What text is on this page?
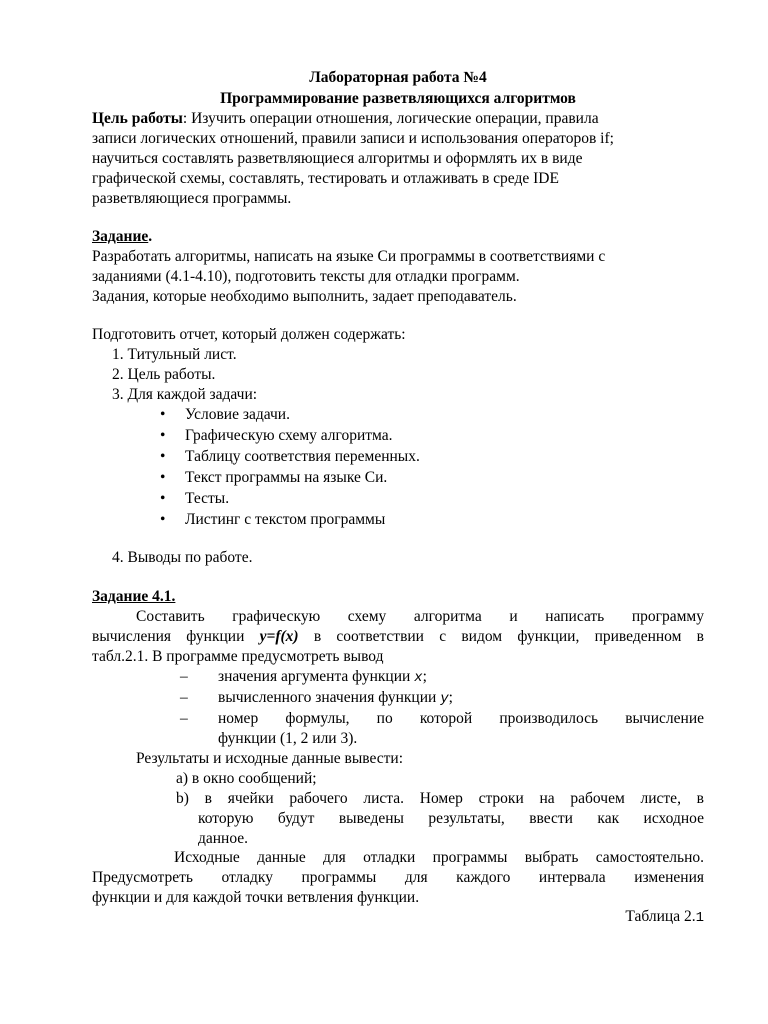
Лабораторная работа №4
Программирование разветвляющихся алгоритмов
Цель работы: Изучить операции отношения, логические операции, правила
записи логических отношений, правили записи и использования операторов if;
научиться составлять разветвляющиеся алгоритмы и оформлять их в виде
графической схемы, составлять, тестировать и отлаживать в среде IDE
разветвляющиеся программы.
Задание.
Разработать алгоритмы, написать на языке Си программы в соответствиями с
заданиями (4.1-4.10), подготовить тексты для отладки программ.
Задания, которые необходимо выполнить, задает преподаватель.
Подготовить отчет, который должен содержать:
1. Титульный лист.
2. Цель работы.
3. Для каждой задачи:
Условие задачи.
Графическую схему алгоритма.
Таблицу соответствия переменных.
Текст программы на языке Си.
Тесты.
Листинг с текстом программы
4. Выводы по работе.
Задание 4.1.
Составить графическую схему алгоритма и написать программу
вычисления функции y=f(x) в соответствии с видом функции, приведенном в
табл.2.1. В программе предусмотреть вывод
– значения аргумента функции x;
– вычисленного значения функции y;
– номер формулы, по которой производилось вычисление
функции (1, 2 или 3).
Результаты и исходные данные вывести:
a) в окно сообщений;
b) в ячейки рабочего листа. Номер строки на рабочем листе, в
которую будут выведены результаты, ввести как исходное
данное.
Исходные данные для отладки программы выбрать самостоятельно.
Предусмотреть отладку программы для каждого интервала изменения
функции и для каждой точки ветвления функции.
Таблица 2.1
